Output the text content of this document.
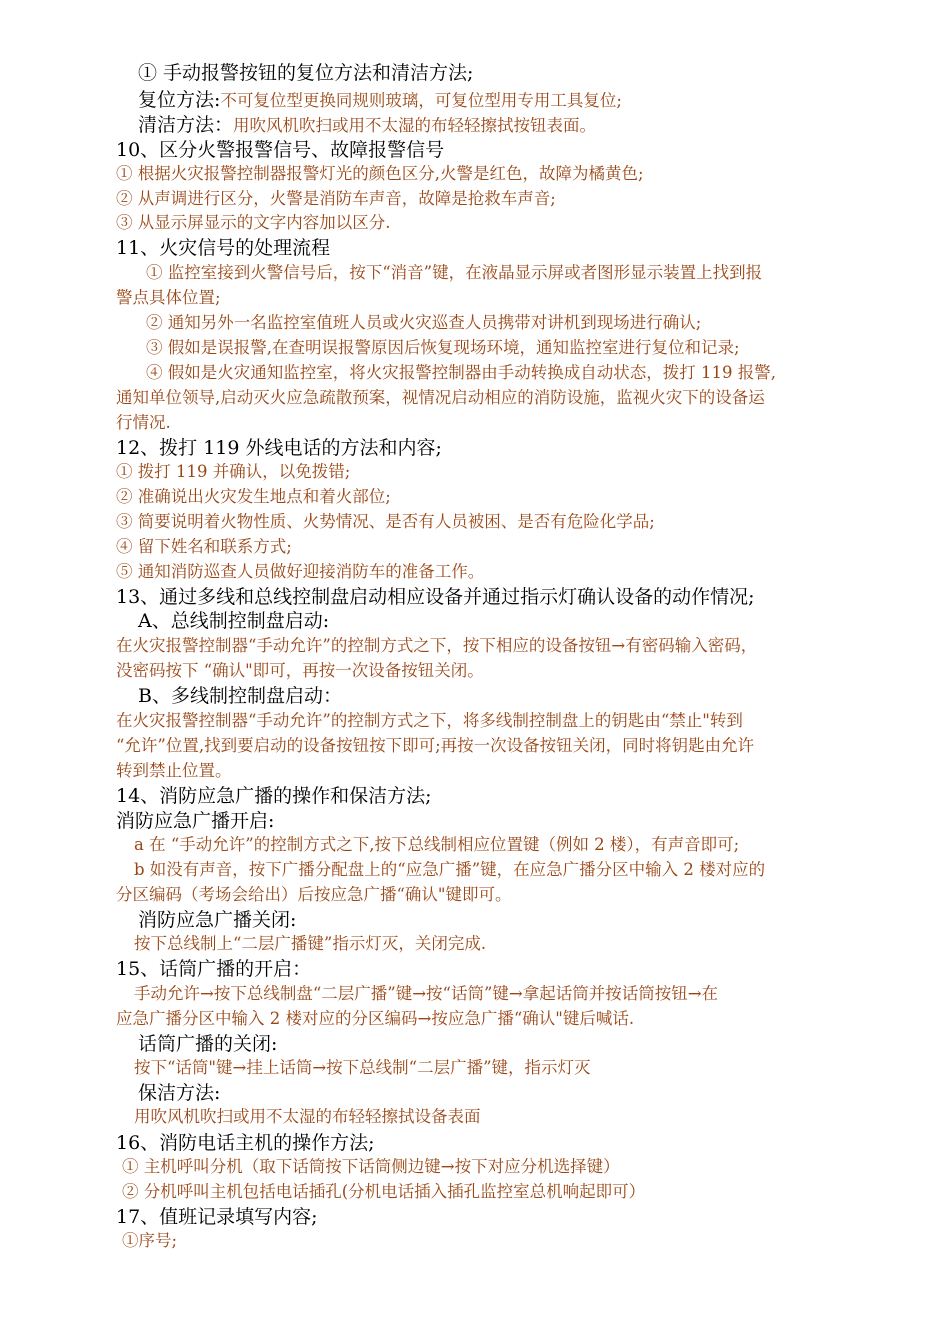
① 手动报警按钮的复位方法和清洁方法;
复位方法:不可复位型更换同规则玻璃，可复位型用专用工具复位;
清洁方法：用吹风机吹扫或用不太湿的布轻轻擦拭按钮表面。
10、区分火警报警信号、故障报警信号
① 根据火灾报警控制器报警灯光的颜色区分,火警是红色，故障为橘黄色;
② 从声调进行区分，火警是消防车声音，故障是抢救车声音;
③ 从显示屏显示的文字内容加以区分.
11、火灾信号的处理流程
① 监控室接到火警信号后，按下“消音”键，在液晶显示屏或者图形显示装置上找到报
警点具体位置;
② 通知另外一名监控室值班人员或火灾巡查人员携带对讲机到现场进行确认;
③ 假如是误报警,在查明误报警原因后恢复现场环境，通知监控室进行复位和记录;
④ 假如是火灾通知监控室，将火灾报警控制器由手动转换成自动状态，拨打 119 报警,
通知单位领导,启动灭火应急疏散预案，视情况启动相应的消防设施，监视火灾下的设备运
行情况.
12、拨打 119 外线电话的方法和内容;
① 拨打 119 并确认，以免拨错;
② 准确说出火灾发生地点和着火部位;
③ 简要说明着火物性质、火势情况、是否有人员被困、是否有危险化学品;
④ 留下姓名和联系方式;
⑤ 通知消防巡查人员做好迎接消防车的准备工作。
13、通过多线和总线控制盘启动相应设备并通过指示灯确认设备的动作情况;
A、总线制控制盘启动:
在火灾报警控制器“手动允许”的控制方式之下，按下相应的设备按钮→有密码输入密码，
没密码按下 “确认"即可，再按一次设备按钮关闭。
B、多线制控制盘启动：
在火灾报警控制器“手动允许”的控制方式之下，将多线制控制盘上的钥匙由“禁止"转到
“允许”位置,找到要启动的设备按钮按下即可;再按一次设备按钮关闭，同时将钥匙由允许
转到禁止位置。
14、消防应急广播的操作和保洁方法;
消防应急广播开启:
a 在 “手动允许”的控制方式之下,按下总线制相应位置键（例如 2 楼），有声音即可;
b 如没有声音，按下广播分配盘上的“应急广播”键，在应急广播分区中输入 2 楼对应的
分区编码（考场会给出）后按应急广播“确认"键即可。
消防应急广播关闭:
按下总线制上“二层广播键”指示灯灭，关闭完成.
15、话筒广播的开启：
手动允许→按下总线制盘“二层广播”键→按“话筒”键→拿起话筒并按话筒按钮→在
应急广播分区中输入 2 楼对应的分区编码→按应急广播“确认"键后喊话.
话筒广播的关闭:
按下“话筒"键→挂上话筒→按下总线制“二层广播”键，指示灯灭
保洁方法:
用吹风机吹扫或用不太湿的布轻轻擦拭设备表面
16、消防电话主机的操作方法;
① 主机呼叫分机（取下话筒按下话筒侧边键→按下对应分机选择键）
② 分机呼叫主机包括电话插孔(分机电话插入插孔监控室总机响起即可）
17、值班记录填写内容;
①序号;
